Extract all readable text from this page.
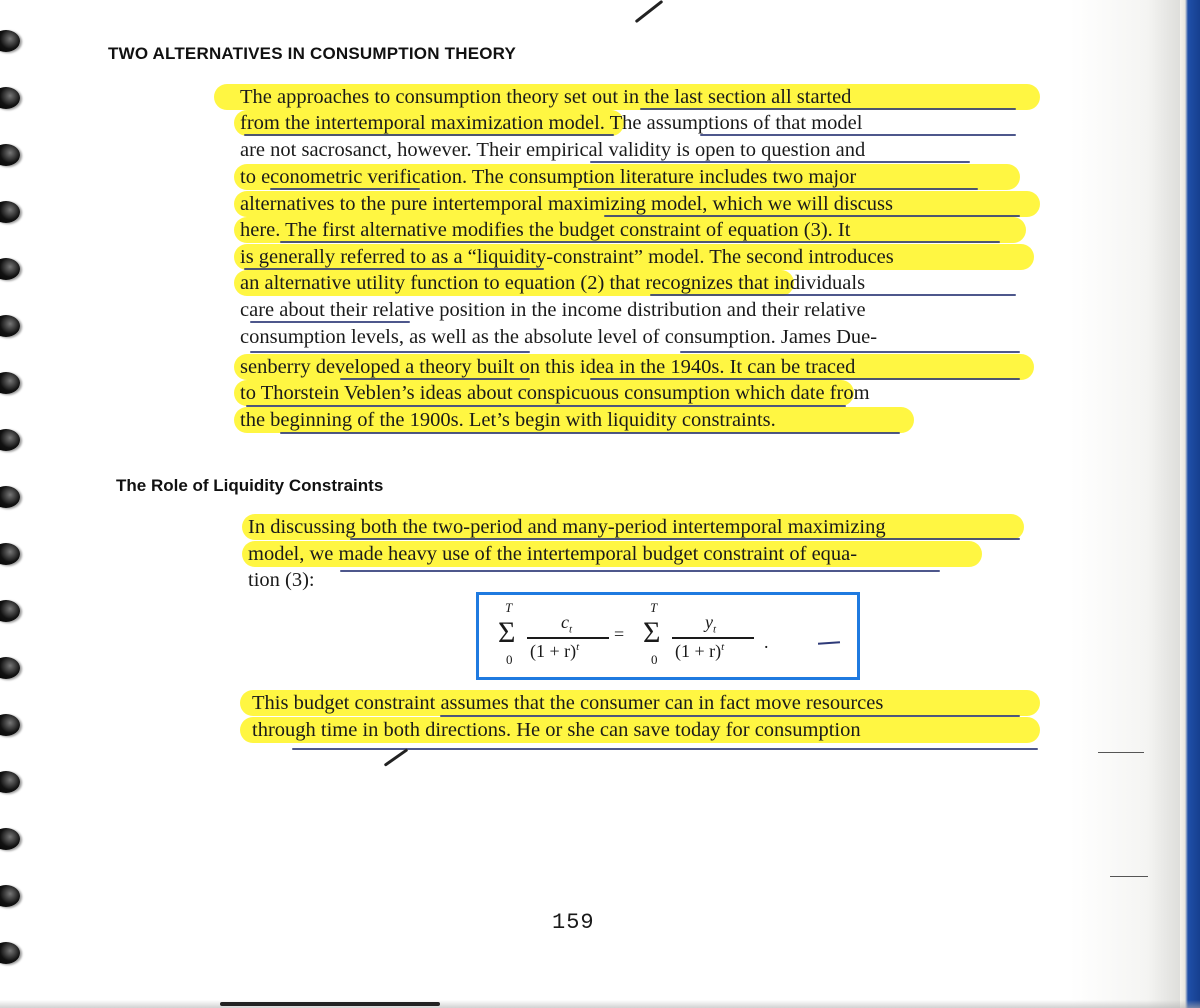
TWO ALTERNATIVES IN CONSUMPTION THEORY
The approaches to consumption theory set out in the last section all started
from the intertemporal maximization model. The assumptions of that model
are not sacrosanct, however. Their empirical validity is open to question and
to econometric verification. The consumption literature includes two major
alternatives to the pure intertemporal maximizing model, which we will discuss
here. The first alternative modifies the budget constraint of equation (3). It
is generally referred to as a “liquidity-constraint” model. The second introduces
an alternative utility function to equation (2) that recognizes that individuals
care about their relative position in the income distribution and their relative
consumption levels, as well as the absolute level of consumption. James Due-
senberry developed a theory built on this idea in the 1940s. It can be traced
to Thorstein Veblen’s ideas about conspicuous consumption which date from
the beginning of the 1900s. Let’s begin with liquidity constraints.
The Role of Liquidity Constraints
In discussing both the two-period and many-period intertemporal maximizing
model, we made heavy use of the intertemporal budget constraint of equa-
tion (3):
T
Σ
0
$c_t$
$(1 + r)^t$
=
T
Σ
0
$y_t$
$(1 + r)^t$ .
This budget constraint assumes that the consumer can in fact move resources
through time in both directions. He or she can save today for consumption
159
